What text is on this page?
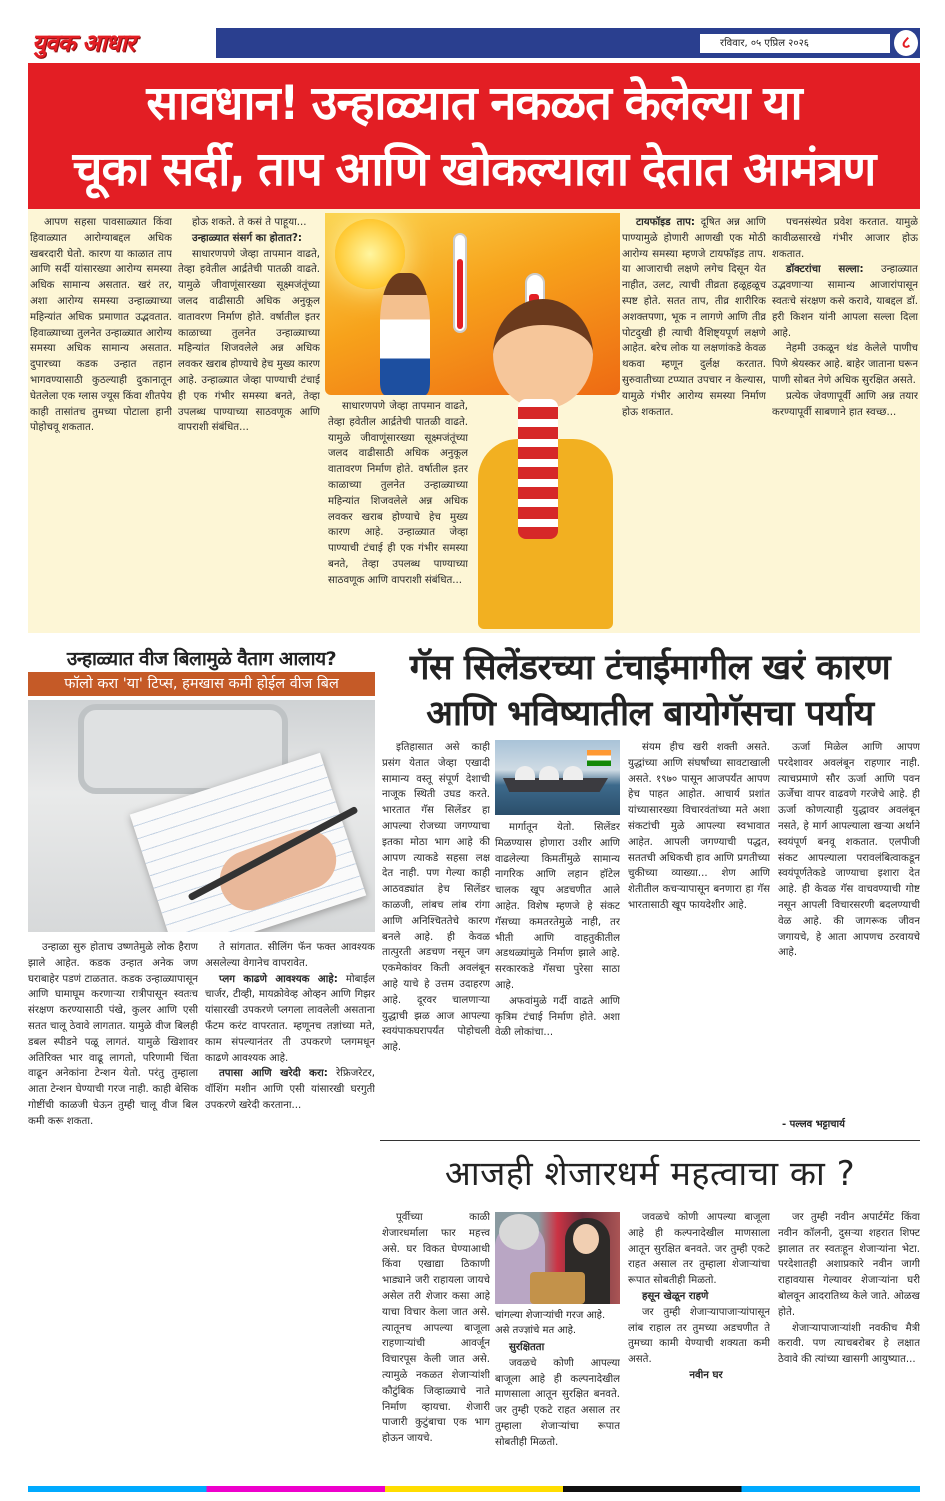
युवक आधार	रविवार, ०५ एप्रिल २०२६	८
सावधान! उन्हाळ्यात नकळत केलेल्या या
चूका सर्दी, ताप आणि खोकल्याला देतात आमंत्रण

आपण सहसा पावसाळ्यात किंवा हिवाळ्यात आरोग्याबद्दल अधिक खबरदारी घेतो. कारण या काळात ताप आणि सर्दी यांसारख्या आरोग्य समस्या अधिक सामान्य असतात. खरं तर, अशा आरोग्य समस्या उन्हाळ्याच्या महिन्यांत अधिक प्रमाणात उद्भवतात. हिवाळ्याच्या तुलनेत उन्हाळ्यात आरोग्य समस्या अधिक सामान्य असतात. दुपारच्या कडक उन्हात तहान भागवण्यासाठी कुठल्याही दुकानातून घेतलेला एक ग्लास ज्यूस किंवा शीतपेय काही तासांतच तुमच्या पोटाला हानी पोहोचवू शकतात.

होऊ शकते. ते कसं ते पाहूया...

उन्हाळ्यात संसर्ग का होतात?:

साधारणपणे जेव्हा तापमान वाढते, तेव्हा हवेतील आर्द्रतेची पातळी वाढते. यामुळे जीवाणूंसारख्या सूक्ष्मजंतूंच्या जलद वाढीसाठी अधिक अनुकूल वातावरण निर्माण होते. वर्षातील इतर काळाच्या तुलनेत उन्हाळ्याच्या महिन्यांत शिजवलेले अन्न अधिक लवकर खराब होण्याचे हेच मुख्य कारण आहे. उन्हाळ्यात जेव्हा पाण्याची टंचाई ही एक गंभीर समस्या बनते, तेव्हा उपलब्ध पाण्याच्या साठवणूक आणि वापराशी संबंधित...

साधारणपणे जेव्हा तापमान वाढते, तेव्हा हवेतील आर्द्रतेची पातळी वाढते. यामुळे जीवाणूंसारख्या सूक्ष्मजंतूंच्या जलद वाढीसाठी अधिक अनुकूल वातावरण निर्माण होते. वर्षातील इतर काळाच्या तुलनेत उन्हाळ्याच्या महिन्यांत शिजवलेले अन्न अधिक लवकर खराब होण्याचे हेच मुख्य कारण आहे. उन्हाळ्यात जेव्हा पाण्याची टंचाई ही एक गंभीर समस्या बनते, तेव्हा उपलब्ध पाण्याच्या साठवणूक आणि वापराशी संबंधित...

टायफॉइड ताप: दूषित अन्न आणि पाण्यामुळे होणारी आणखी एक मोठी आरोग्य समस्या म्हणजे टायफॉइड ताप. या आजाराची लक्षणे लगेच दिसून येत नाहीत, उलट, त्याची तीव्रता हळूहळूच स्पष्ट होते. सतत ताप, तीव्र शारीरिक अशक्तपणा, भूक न लागणे आणि तीव्र पोटदुखी ही त्याची वैशिष्ट्यपूर्ण लक्षणे आहेत. बरेच लोक या लक्षणांकडे केवळ थकवा म्हणून दुर्लक्ष करतात. सुरुवातीच्या टप्प्यात उपचार न केल्यास, यामुळे गंभीर आरोग्य समस्या निर्माण होऊ शकतात.

पचनसंस्थेत प्रवेश करतात. यामुळे कावीळसारखे गंभीर आजार होऊ शकतात.

डॉक्टरांचा सल्ला: उन्हाळ्यात उद्भवणाऱ्या सामान्य आजारांपासून स्वतःचे संरक्षण कसे करावे, याबद्दल डॉ. हरी किशन यांनी आपला सल्ला दिला आहे.

नेहमी उकळून थंड केलेले पाणीच पिणे श्रेयस्कर आहे. बाहेर जाताना घरून पाणी सोबत नेणे अधिक सुरक्षित असते.

प्रत्येक जेवणापूर्वी आणि अन्न तयार करण्यापूर्वी साबणाने हात स्वच्छ...

उन्हाळ्यात वीज बिलामुळे वैताग आलाय?
फॉलो करा 'या' टिप्स, हमखास कमी होईल वीज बिल

उन्हाळा सुरु होताच उष्णतेमुळे लोक हैराण झाले आहेत. कडक उन्हात अनेक जण घराबाहेर पडणं टाळतात. कडक उन्हाळ्यापासून आणि घामाघूम करणाऱ्या रात्रीपासून स्वतःच संरक्षण करण्यासाठी पंखे, कुलर आणि एसी सतत चालू ठेवावे लागतात. यामुळे वीज बिलही डबल स्पीडने पळू लागतं. यामुळे खिशावर अतिरिक्त भार वाढू लागतो, परिणामी चिंता वाढून अनेकांना टेन्शन येतो. परंतु तुम्हाला आता टेन्शन घेण्याची गरज नाही. काही बेसिक गोष्टींची काळजी घेऊन तुम्ही चालू वीज बिल कमी करू शकता.

ते सांगतात. सीलिंग फॅन फक्त आवश्यक असलेल्या वेगानेच वापरावेत.

प्लग काढणे आवश्यक आहे: मोबाईल चार्जर, टीव्ही, मायक्रोवेव्ह ओव्हन आणि गिझर यांसारखी उपकरणे प्लगला लावलेली असताना फँटम करंट वापरतात. म्हणूनच तज्ञांच्या मते, काम संपल्यानंतर ती उपकरणे प्लगमधून काढणे आवश्यक आहे.

तपासा आणि खरेदी करा: रेफ्रिजरेटर, वॉशिंग मशीन आणि एसी यांसारखी घरगुती उपकरणे खरेदी करताना...

गॅस सिलेंडरच्या टंचाईमागील खरं कारण
आणि भविष्यातील बायोगॅसचा पर्याय

इतिहासात असे काही प्रसंग येतात जेव्हा एखादी सामान्य वस्तू संपूर्ण देशाची नाजूक स्थिती उघड करते. भारतात गॅस सिलेंडर हा आपल्या रोजच्या जगण्याचा इतका मोठा भाग आहे की आपण त्याकडे सहसा लक्ष देत नाही. पण गेल्या काही आठवड्यांत हेच सिलेंडर काळजी, लांबच लांब रांगा आणि अनिश्चिततेचे कारण बनले आहे. ही केवळ तात्पुरती अडचण नसून जग एकमेकांवर किती अवलंबून आहे याचे हे उत्तम उदाहरण आहे. दूरवर चालणाऱ्या युद्धाची झळ आज आपल्या स्वयंपाकघरापर्यंत पोहोचली आहे.

मार्गातून येतो. सिलेंडर मिळण्यास होणारा उशीर आणि वाढलेल्या किमतींमुळे सामान्य नागरिक आणि लहान हॉटेल चालक खूप अडचणीत आले आहेत. विशेष म्हणजे हे संकट गॅसच्या कमतरतेमुळे नाही, तर भीती आणि वाहतुकीतील अडथळ्यांमुळे निर्माण झाले आहे. सरकारकडे गॅसचा पुरेसा साठा आहे.

अफवांमुळे गर्दी वाढते आणि कृत्रिम टंचाई निर्माण होते. अशा वेळी लोकांचा...

संयम हीच खरी शक्ती असते. युद्धांच्या आणि संघर्षांच्या सावटाखाली असते. १९७० पासून आजपर्यंत आपण हेच पाहत आहोत. आचार्य प्रशांत यांच्यासारख्या विचारवंतांच्या मते अशा संकटांची मुळे आपल्या स्वभावात आहेत. आपली जगण्याची पद्धत, सततची अधिकची हाव आणि प्रगतीच्या चुकीच्या व्याख्या... शेण आणि शेतीतील कचऱ्यापासून बनणारा हा गॅस भारतासाठी खूप फायदेशीर आहे.

ऊर्जा मिळेल आणि आपण परदेशावर अवलंबून राहणार नाही. त्याचप्रमाणे सौर ऊर्जा आणि पवन ऊर्जेचा वापर वाढवणे गरजेचे आहे. ही ऊर्जा कोणत्याही युद्धावर अवलंबून नसते, हे मार्ग आपल्याला खऱ्या अर्थाने स्वयंपूर्ण बनवू शकतात. एलपीजी संकट आपल्याला परावलंबित्वाकडून स्वयंपूर्णतेकडे जाण्याचा इशारा देत आहे. ही केवळ गॅस वाचवण्याची गोष्ट नसून आपली विचारसरणी बदलण्याची वेळ आहे. की जागरूक जीवन जगायचे, हे आता आपणच ठरवायचे आहे.

- पल्लव भट्टाचार्य
आजही शेजारधर्म महत्वाचा का ?

पूर्वीच्या काळी शेजारधर्माला फार महत्त्व असे. घर विकत घेण्याआधी किंवा एखाद्या ठिकाणी भाड्याने जरी राहायला जायचे असेल तरी शेजार कसा आहे याचा विचार केला जात असे. त्यातूनच आपल्या बाजूला राहणाऱ्यांची आवर्जून विचारपूस केली जात असे. त्यामुळे नकळत शेजाऱ्यांशी कौटुंबिक जिव्हाळ्याचे नाते निर्माण व्हायचा. शेजारी पाजारी कुटुंबाचा एक भाग होऊन जायचे.

चांगल्या शेजाऱ्यांची गरज आहे. असे तज्ज्ञांचे मत आहे.

सुरक्षितता

जवळचे कोणी आपल्या बाजूला आहे ही कल्पनादेखील माणसाला आतून सुरक्षित बनवते. जर तुम्ही एकटे राहत असाल तर तुम्हाला शेजाऱ्यांचा रूपात सोबतीही मिळतो.

जवळचे कोणी आपल्या बाजूला आहे ही कल्पनादेखील माणसाला आतून सुरक्षित बनवते. जर तुम्ही एकटे राहत असाल तर तुम्हाला शेजाऱ्यांचा रूपात सोबतीही मिळतो.

हसून खेळून राहणे

जर तुम्ही शेजाऱ्यापाजाऱ्यांपासून लांब राहाल तर तुमच्या अडचणीत ते तुमच्या कामी येण्याची शक्यता कमी असते.

नवीन घर

जर तुम्ही नवीन अपार्टमेंट किंवा नवीन कॉलनी, दुसऱ्या शहरात शिफ्ट झालात तर स्वतःहून शेजाऱ्यांना भेटा. परदेशातही अशाप्रकारे नवीन जागी राहावयास गेल्यावर शेजाऱ्यांना घरी बोलवून आदरातिथ्य केले जाते. ओळख होते.

शेजाऱ्यापाजाऱ्यांशी नवकीच मैत्री करावी. पण त्याचबरोबर हे लक्षात ठेवावे की त्यांच्या खासगी आयुष्यात...
